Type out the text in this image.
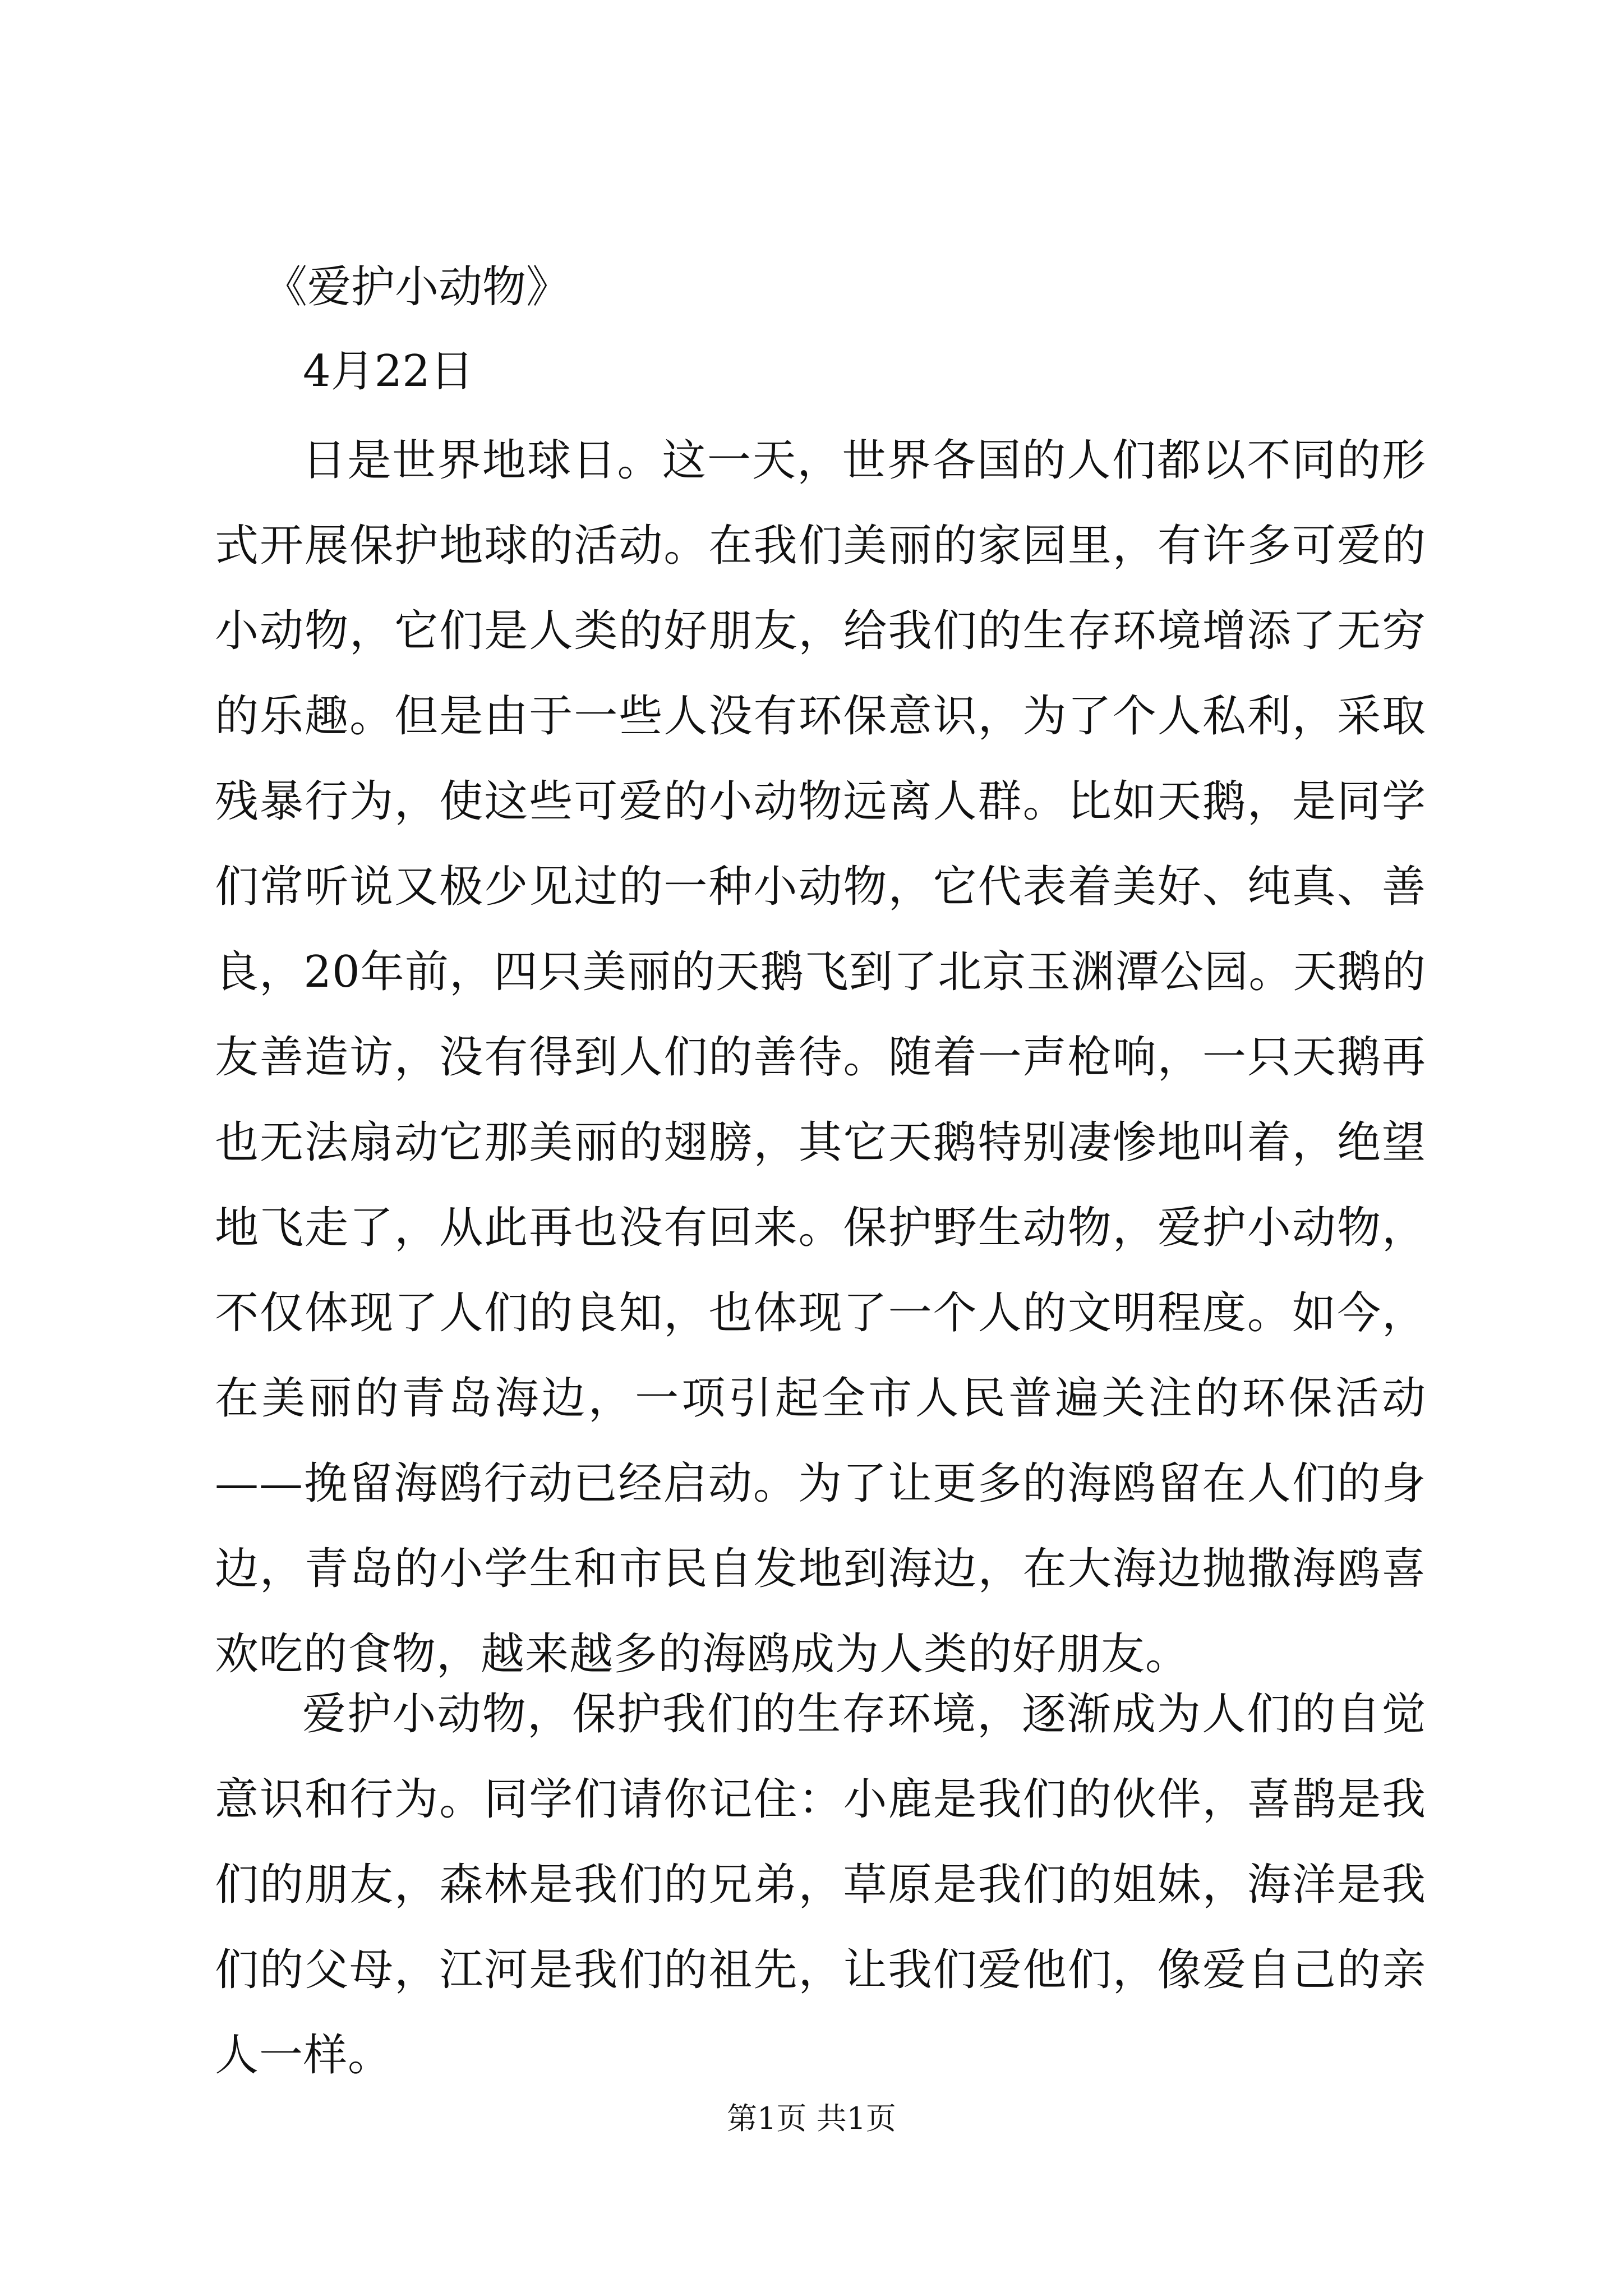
《爱护小动物》
4月22日

日是世界地球日。这一天，世界各国的人们都以不同的形式开展保护地球的活动。在我们美丽的家园里，有许多可爱的小动物，它们是人类的好朋友，给我们的生存环境增添了无穷的乐趣。但是由于一些人没有环保意识，为了个人私利，采取残暴行为，使这些可爱的小动物远离人群。比如天鹅，是同学们常听说又极少见过的一种小动物，它代表着美好、纯真、善良，20年前，四只美丽的天鹅飞到了北京玉渊潭公园。天鹅的友善造访，没有得到人们的善待。随着一声枪响，一只天鹅再也无法扇动它那美丽的翅膀，其它天鹅特别凄惨地叫着，绝望地飞走了，从此再也没有回来。保护野生动物，爱护小动物，不仅体现了人们的良知，也体现了一个人的文明程度。如今，在美丽的青岛海边，一项引起全市人民普遍关注的环保活动——挽留海鸥行动已经启动。为了让更多的海鸥留在人们的身边，青岛的小学生和市民自发地到海边，在大海边抛撒海鸥喜欢吃的食物，越来越多的海鸥成为人类的好朋友。

爱护小动物，保护我们的生存环境，逐渐成为人们的自觉意识和行为。同学们请你记住：小鹿是我们的伙伴，喜鹊是我们的朋友，森林是我们的兄弟，草原是我们的姐妹，海洋是我们的父母，江河是我们的祖先，让我们爱他们，像爱自己的亲人一样。

第1页 共1页
